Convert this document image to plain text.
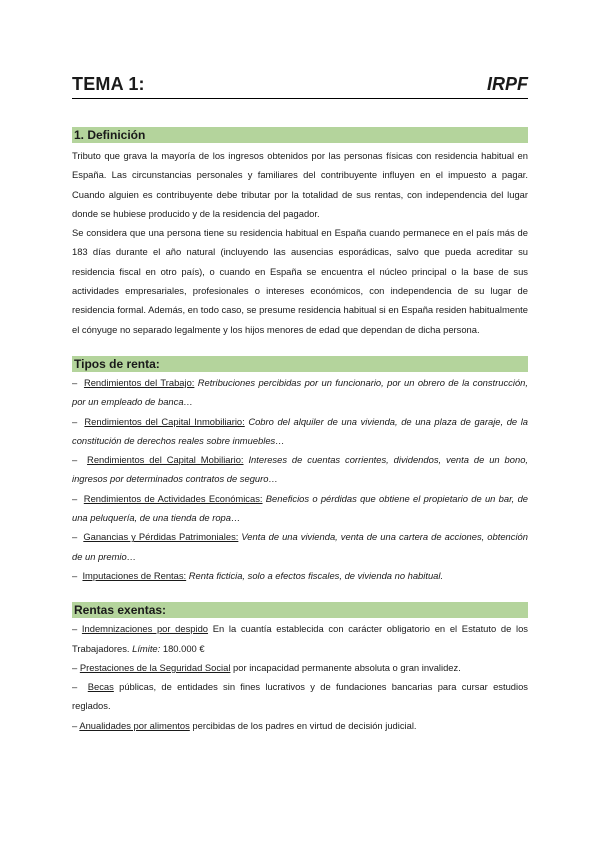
TEMA 1:	IRPF
1. Definición

Tributo que grava la mayoría de los ingresos obtenidos por las personas físicas con residencia habitual en España. Las circunstancias personales y familiares del contribuyente influyen en el impuesto a pagar. Cuando alguien es contribuyente debe tributar por la totalidad de sus rentas, con independencia del lugar donde se hubiese producido y de la residencia del pagador.

Se considera que una persona tiene su residencia habitual en España cuando permanece en el país más de 183 días durante el año natural (incluyendo las ausencias esporádicas, salvo que pueda acreditar su residencia fiscal en otro país), o cuando en España se encuentra el núcleo principal o la base de sus actividades empresariales, profesionales o intereses económicos, con independencia de su lugar de residencia formal. Además, en todo caso, se presume residencia habitual si en España residen habitualmente el cónyuge no separado legalmente y los hijos menores de edad que dependan de dicha persona.

Tipos de renta:
– Rendimientos del Trabajo: Retribuciones percibidas por un funcionario, por un obrero de la construcción, por un empleado de banca…
– Rendimientos del Capital Inmobiliario: Cobro del alquiler de una vivienda, de una plaza de garaje, de la constitución de derechos reales sobre inmuebles…
– Rendimientos del Capital Mobiliario: Intereses de cuentas corrientes, dividendos, venta de un bono, ingresos por determinados contratos de seguro…
– Rendimientos de Actividades Económicas: Beneficios o pérdidas que obtiene el propietario de un bar, de una peluquería, de una tienda de ropa…
– Ganancias y Pérdidas Patrimoniales: Venta de una vivienda, venta de una cartera de acciones, obtención de un premio…
– Imputaciones de Rentas: Renta ficticia, solo a efectos fiscales, de vivienda no habitual.
Rentas exentas:
– Indemnizaciones por despido En la cuantía establecida con carácter obligatorio en el Estatuto de los Trabajadores. Límite: 180.000 €
– Prestaciones de la Seguridad Social por incapacidad permanente absoluta o gran invalidez.
– Becas públicas, de entidades sin fines lucrativos y de fundaciones bancarias para cursar estudios reglados.
– Anualidades por alimentos percibidas de los padres en virtud de decisión judicial.
